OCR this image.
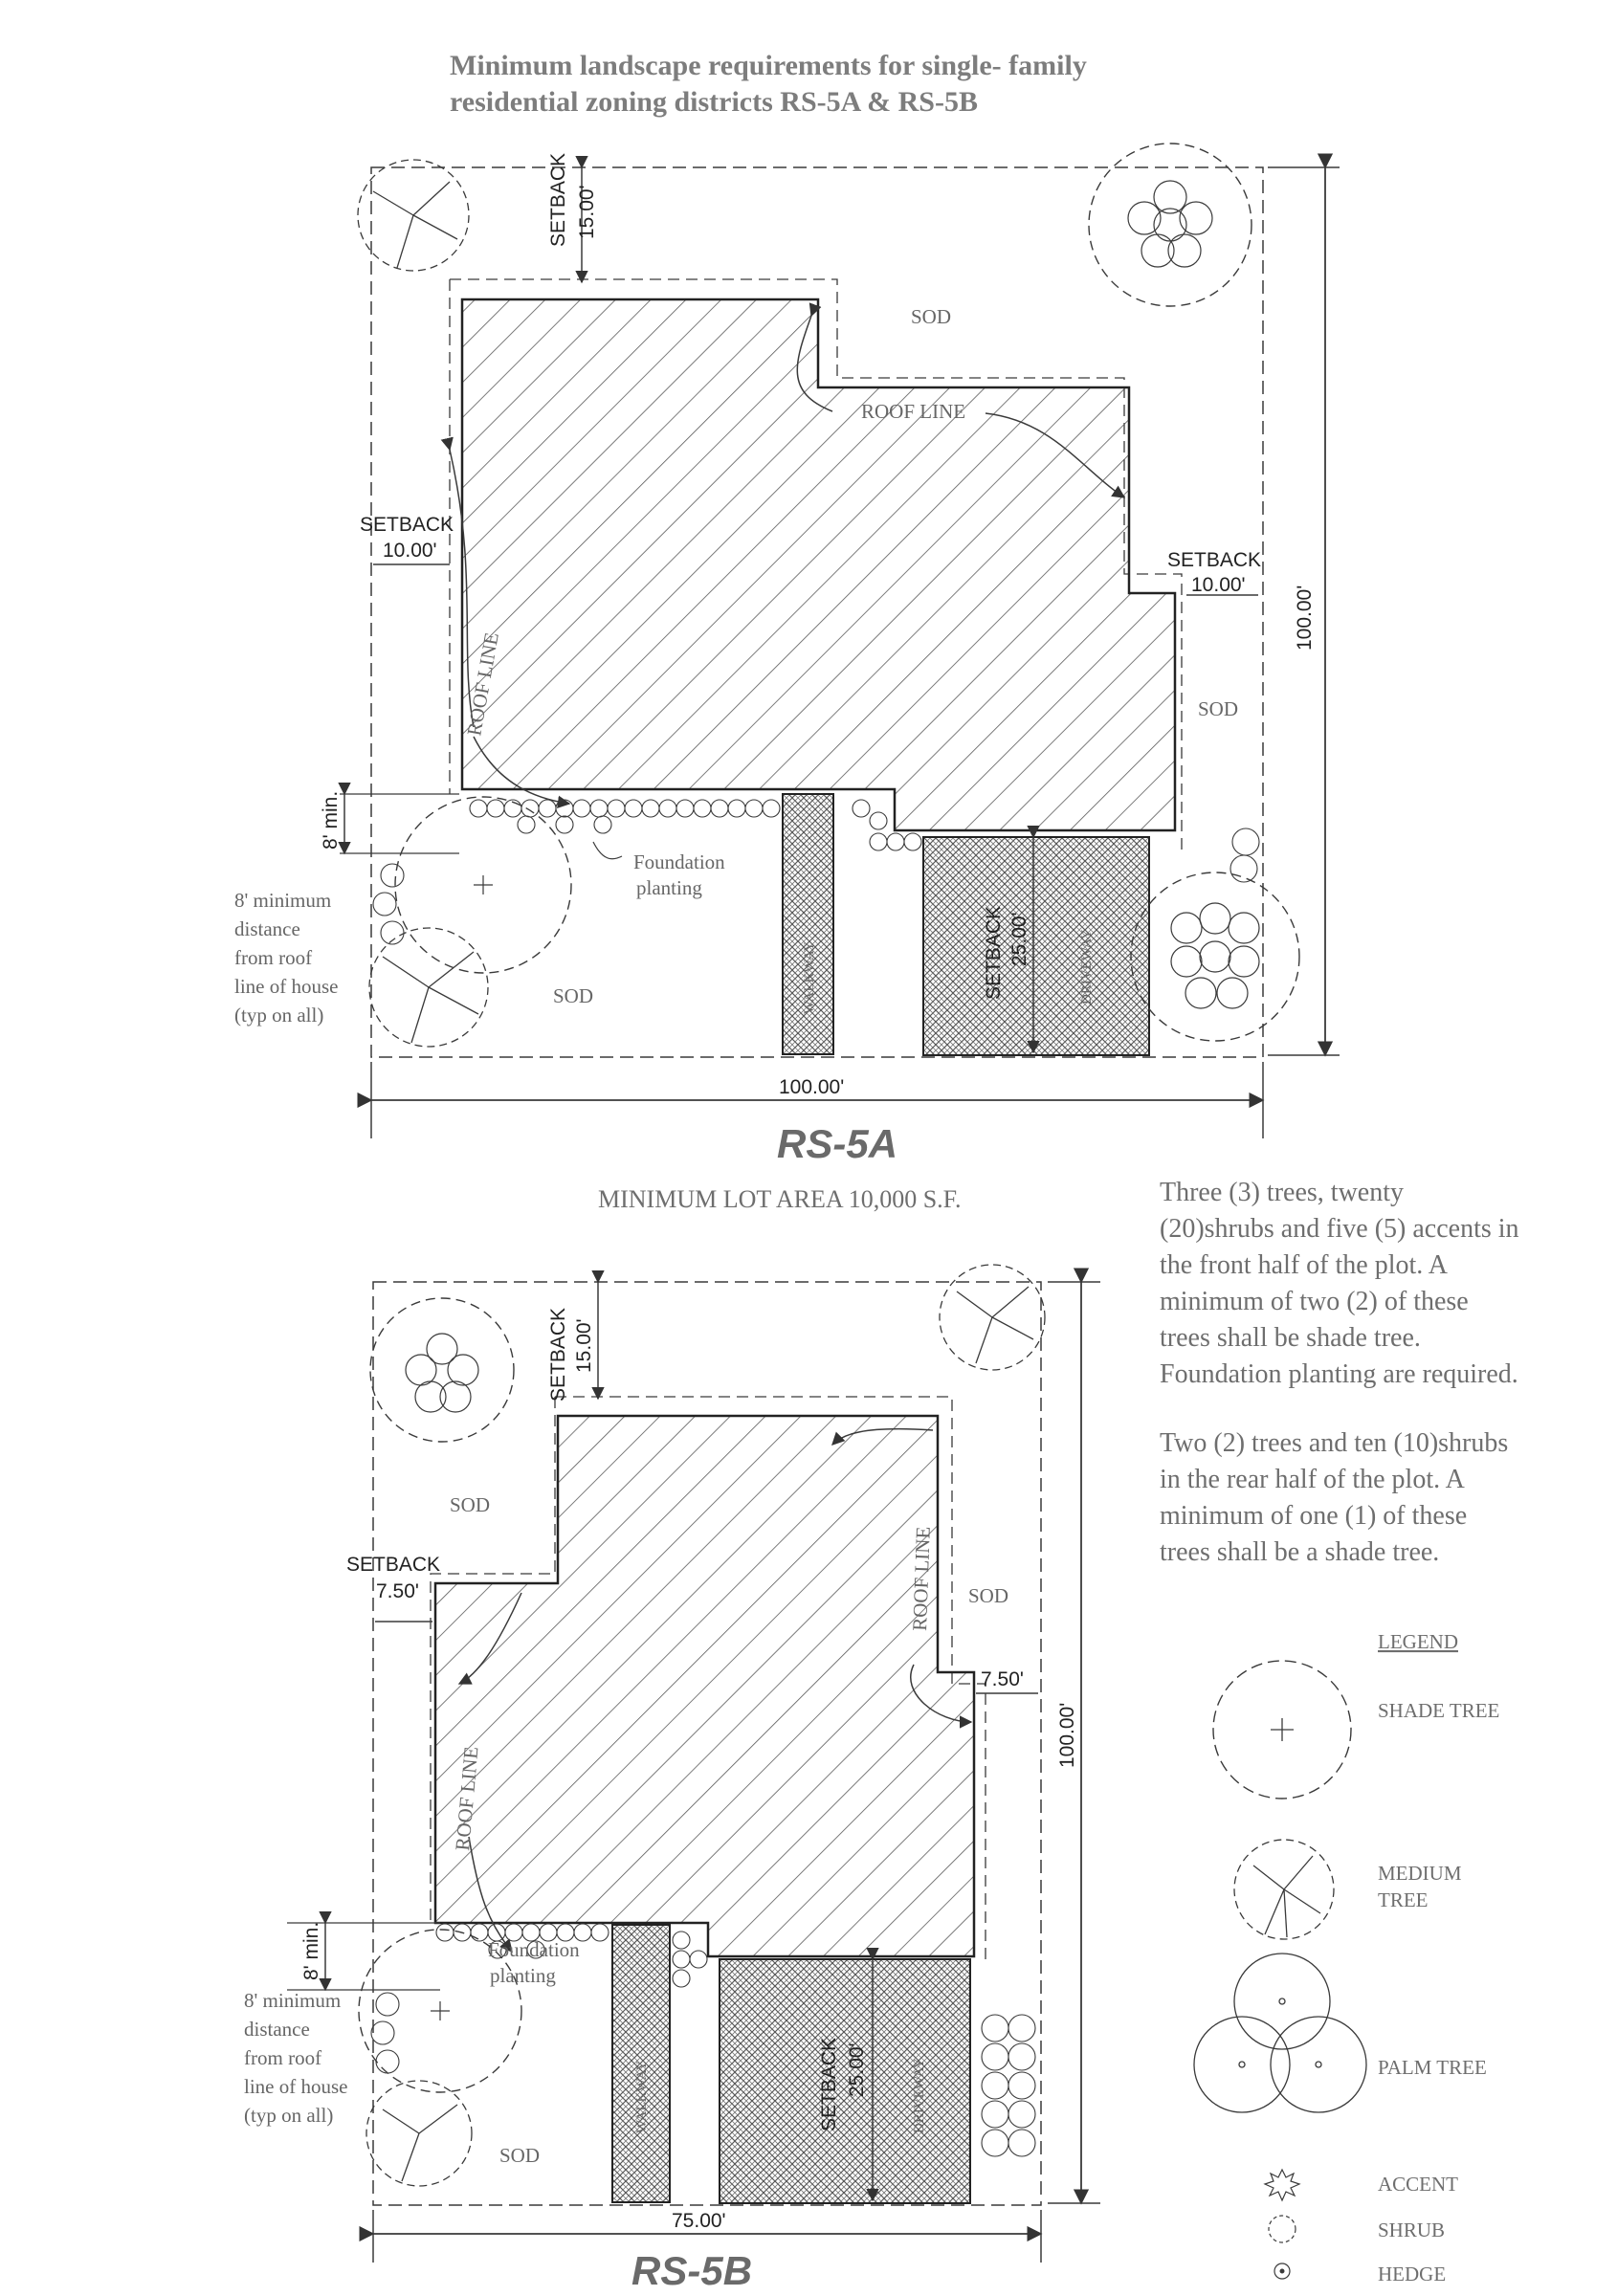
Minimum landscape requirements for single- family
residential zoning districts RS-5A & RS-5B
SETBACK 15.00'
SETBACK
10.00'	SETBACK
10.00'
100.00'
100.00'
SETBACK 25.00'
8' min.
SOD
SOD
SOD
ROOF LINE
ROOF LINE
Foundation
planting
WALKWAY	DRIVEWAY
8' minimum
distance
from roof
line of house
(typ on all)
RS-5A
MINIMUM LOT AREA 10,000 S.F.
SETBACK 15.00'
SETBACK
7.50'
7.50'
100.00'
75.00'
SETBACK 25.00'
8' min.
SOD
SOD
SOD
ROOF LINE
ROOF LINE
Foundation
planting
WALKWAY	DRIVEWAY
8' minimum
distance
from roof
line of house
(typ on all)
RS-5B
LEGEND
SHADE TREE
MEDIUM
TREE
PALM TREE
ACCENT
SHRUB
HEDGE
Three (3) trees, twenty
(20)shrubs and five (5) accents in
the front half of the plot. A
minimum of two (2) of these
trees shall be shade tree.
Foundation planting are required.
Two (2) trees and ten (10)shrubs
in the rear half of the plot. A
minimum of one (1) of these
trees shall be a shade tree.
